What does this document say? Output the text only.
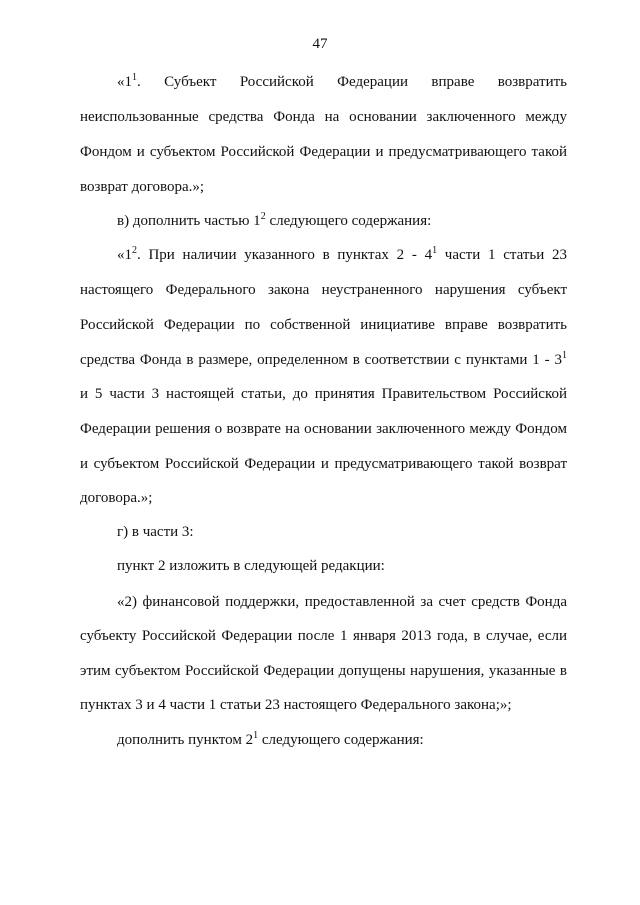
47
«$1^1$. Субъект Российской Федерации вправе возвратить
неиспользованные средства Фонда на основании заключенного между
Фондом и субъектом Российской Федерации и предусматривающего такой
возврат договора.»;
в) дополнить частью $1^2$ следующего содержания:
«$1^2$. При наличии указанного в пунктах $2 - 4^1$ части 1 статьи 23
настоящего Федерального закона неустраненного нарушения субъект
Российской Федерации по собственной инициативе вправе возвратить
средства Фонда в размере, определенном в соответствии с пунктами $1 - 3^1$
и 5 части 3 настоящей статьи, до принятия Правительством Российской
Федерации решения о возврате на основании заключенного между Фондом
и субъектом Российской Федерации и предусматривающего такой возврат
договора.»;
г) в части 3:
пункт 2 изложить в следующей редакции:
«2) финансовой поддержки, предоставленной за счет средств Фонда
субъекту Российской Федерации после 1 января 2013 года, в случае, если
этим субъектом Российской Федерации допущены нарушения, указанные в
пунктах 3 и 4 части 1 статьи 23 настоящего Федерального закона;»;
дополнить пунктом $2^1$ следующего содержания:
